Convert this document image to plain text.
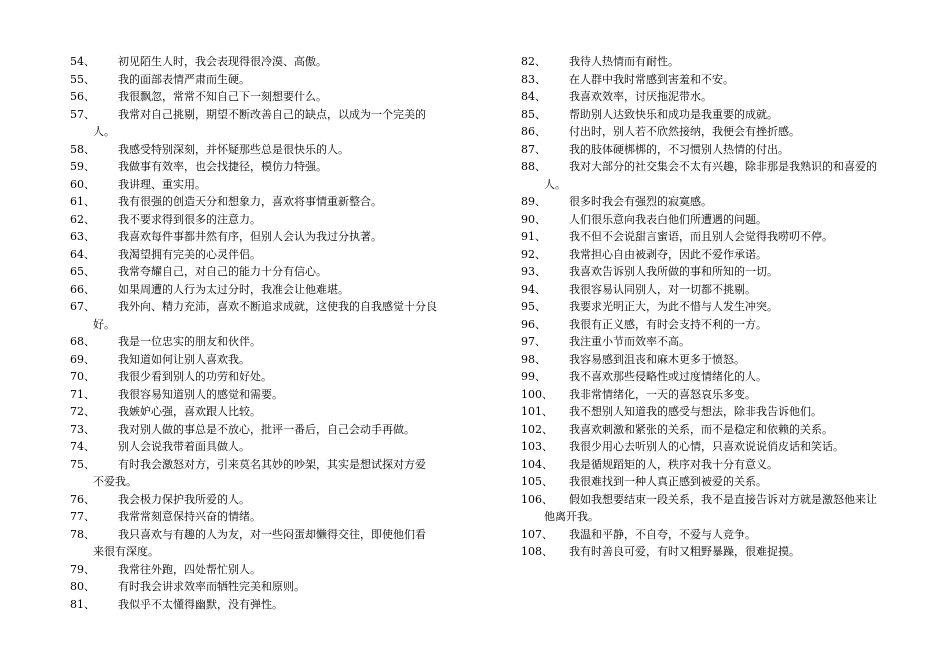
54、 初见陌生人时，我会表现得很冷漠、高傲。
55、 我的面部表情严肃而生硬。
56、 我很飘忽，常常不知自己下一刻想要什么。
57、 我常对自己挑剔，期望不断改善自己的缺点，以成为一个完美的
人。
58、 我感受特别深刻，并怀疑那些总是很快乐的人。
59、 我做事有效率，也会找捷径，模仿力特强。
60、 我讲理、重实用。
61、 我有很强的创造天分和想象力，喜欢将事情重新整合。
62、 我不要求得到很多的注意力。
63、 我喜欢每件事都井然有序，但别人会认为我过分执著。
64、 我渴望拥有完美的心灵伴侣。
65、 我常夸耀自己，对自己的能力十分有信心。
66、 如果周遭的人行为太过分时，我准会让他难堪。
67、 我外向、精力充沛，喜欢不断追求成就，这使我的自我感觉十分良
好。
68、 我是一位忠实的朋友和伙伴。
69、 我知道如何让别人喜欢我。
70、 我很少看到别人的功劳和好处。
71、 我很容易知道别人的感觉和需要。
72、 我嫉妒心强，喜欢跟人比较。
73、 我对别人做的事总是不放心，批评一番后，自己会动手再做。
74、 别人会说我带着面具做人。
75、 有时我会激怒对方，引来莫名其妙的吵架，其实是想试探对方爱
不爱我。
76、 我会极力保护我所爱的人。
77、 我常常刻意保持兴奋的情绪。
78、 我只喜欢与有趣的人为友，对一些闷蛋却懒得交往，即使他们看
来很有深度。
79、 我常往外跑，四处帮忙别人。
80、 有时我会讲求效率而牺牲完美和原则。
81、 我似乎不太懂得幽默，没有弹性。
82、 我待人热情而有耐性。
83、 在人群中我时常感到害羞和不安。
84、 我喜欢效率，讨厌拖泥带水。
85、 帮助别人达致快乐和成功是我重要的成就。
86、 付出时，别人若不欣然接纳，我便会有挫折感。
87、 我的肢体硬梆梆的，不习惯别人热情的付出。
88、 我对大部分的社交集会不太有兴趣，除非那是我熟识的和喜爱的
人。
89、 很多时我会有强烈的寂寞感。
90、 人们很乐意向我表白他们所遭遇的问题。
91、 我不但不会说甜言蜜语，而且别人会觉得我唠叨不停。
92、 我常担心自由被剥夺，因此不爱作承诺。
93、 我喜欢告诉别人我所做的事和所知的一切。
94、 我很容易认同别人，对一切都不挑剔。
95、 我要求光明正大，为此不惜与人发生冲突。
96、 我很有正义感，有时会支持不利的一方。
97、 我注重小节而效率不高。
98、 我容易感到沮丧和麻木更多于愤怒。
99、 我不喜欢那些侵略性或过度情绪化的人。
100、 我非常情绪化，一天的喜怒哀乐多变。
101、 我不想别人知道我的感受与想法，除非我告诉他们。
102、 我喜欢刺激和紧张的关系，而不是稳定和依赖的关系。
103、 我很少用心去听别人的心情，只喜欢说说俏皮话和笑话。
104、 我是循规蹈矩的人，秩序对我十分有意义。
105、 我很难找到一种人真正感到被爱的关系。
106、 假如我想要结束一段关系，我不是直接告诉对方就是激怒他来让
他离开我。
107、 我温和平静，不自夸，不爱与人竞争。
108、 我有时善良可爱，有时又粗野暴躁，很难捉摸。
